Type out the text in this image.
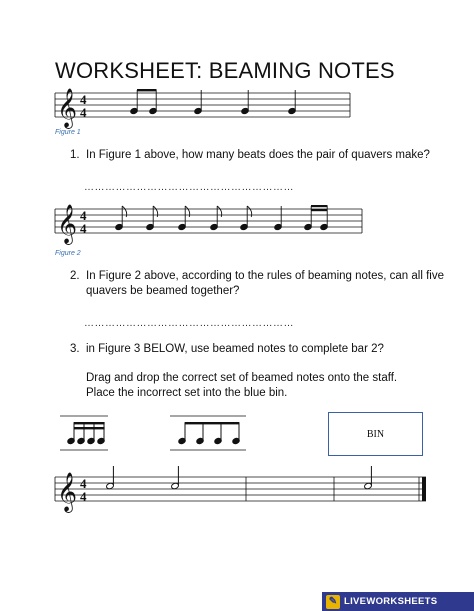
WORKSHEET: BEAMING NOTES
𝄞 4
4
Figure 1
1. In Figure 1 above, how many beats does the pair of quavers make?
……………………………………………………
𝄞 4
4
Figure 2
2. In Figure 2 above, according to the rules of beaming notes, can all five
quavers be beamed together?
……………………………………………………
3. in Figure 3 BELOW, use beamed notes to complete bar 2?
Drag and drop the correct set of beamed notes onto the staff.
Place the incorrect set into the blue bin.
BIN
𝄞 4
4
✎ LIVEWORKSHEETS
